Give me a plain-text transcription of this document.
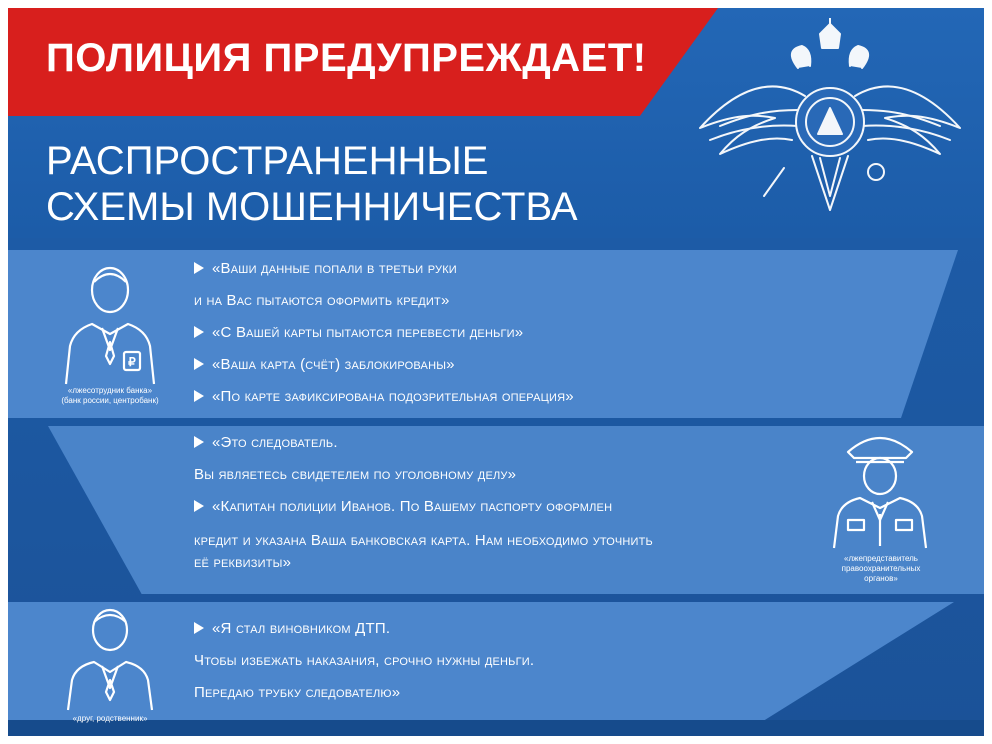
ПОЛИЦИЯ ПРЕДУПРЕЖДАЕТ!
РАСПРОСТРАНЕННЫЕ
СХЕМЫ МОШЕННИЧЕСТВА
₽
«лжесотрудник банка»
(банк россии, центробанк)
«Ваши данные попали в третьи руки
и на Вас пытаются оформить кредит»
«С Вашей карты пытаются перевести деньги»
«Ваша карта (счёт) заблокированы»
«По карте зафиксирована подозрительная операция»
«Это следователь.
Вы являетесь свидетелем по уголовному делу»
«Капитан полиции Иванов. По Вашему паспорту оформлен
кредит и указана Ваша банковская карта. Нам необходимо уточнить
её реквизиты»	«лжепредставитель
правоохранительных
органов»
«друг, родственник»
«Я стал виновником ДТП.
Чтобы избежать наказания, срочно нужны деньги.
Передаю трубку следователю»
